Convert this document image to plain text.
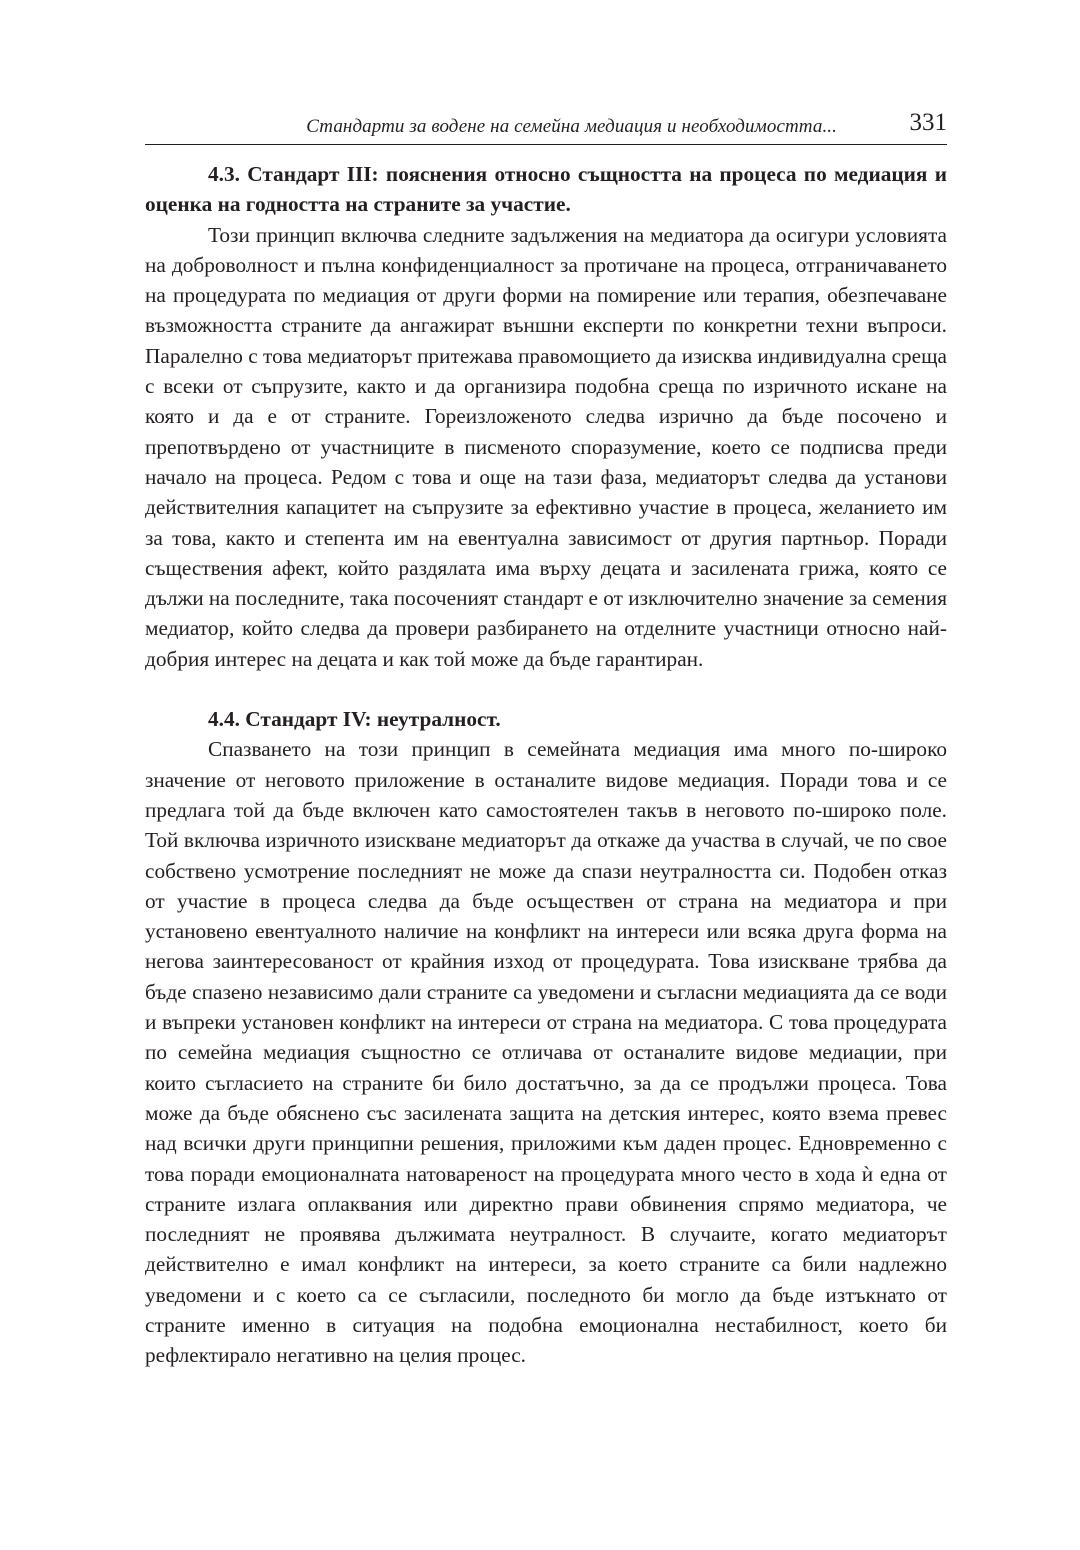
Стандарти за водене на семейна медиация и необходимостта...	331

4.3. Стандарт III: пояснения относно същността на процеса по медиация и оценка на годността на страните за участие.

Този принцип включва следните задължения на медиатора да осигури условията на доброволност и пълна конфиденциалност за протичане на процеса, отграничаването на процедурата по медиация от други форми на помирение или терапия, обезпечаване възможността страните да ангажират външни експерти по конкретни техни въпроси. Паралелно с това медиаторът притежава правомощието да изисква индивидуална среща с всеки от съпрузите, както и да организира подобна среща по изричното искане на която и да е от страните. Гореизложеното следва изрично да бъде посочено и препотвърдено от участниците в писменото споразумение, което се подписва преди начало на процеса. Редом с това и още на тази фаза, медиаторът следва да установи действителния капацитет на съпрузите за ефективно участие в процеса, желанието им за това, както и степента им на евентуална зависимост от другия партньор. Поради съществения афект, който раздялата има върху децата и засилената грижа, която се дължи на последните, така посоченият стандарт е от изключително значение за семения медиатор, който следва да провери разбирането на отделните участници относно най-добрия интерес на децата и как той може да бъде гарантиран.

4.4. Стандарт IV: неутралност.

Спазването на този принцип в семейната медиация има много по-широко значение от неговото приложение в останалите видове медиация. Поради това и се предлага той да бъде включен като самостоятелен такъв в неговото по-широко поле. Той включва изричното изискване медиаторът да откаже да участва в случай, че по свое собствено усмотрение последният не може да спази неутралността си. Подобен отказ от участие в процеса следва да бъде осъществен от страна на медиатора и при установено евентуалното наличие на конфликт на интереси или всяка друга форма на негова заинтересованост от крайния изход от процедурата. Това изискване трябва да бъде спазено независимо дали страните са уведомени и съгласни медиацията да се води и въпреки установен конфликт на интереси от страна на медиатора. С това процедурата по семейна медиация същностно се отличава от останалите видове медиации, при които съгласието на страните би било достатъчно, за да се продължи процеса. Това може да бъде обяснено със засилената защита на детския интерес, която взема превес над всички други принципни решения, приложими към даден процес. Едновременно с това поради емоционалната натовареност на процедурата много често в хода ѝ една от страните излага оплаквания или директно прави обвинения спрямо медиатора, че последният не проявява дължимата неутралност. В случаите, когато медиаторът действително е имал конфликт на интереси, за което страните са били надлежно уведомени и с което са се съгласили, последното би могло да бъде изтъкнато от страните именно в ситуация на подобна емоционална нестабилност, което би рефлектирало негативно на целия процес.
